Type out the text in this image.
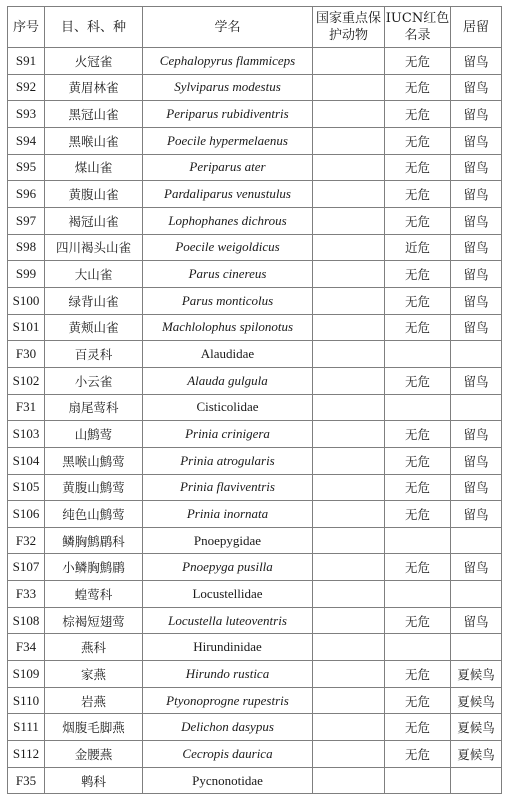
序号	目、科、种	学名	国家重点保护动物	IUCN红色名录	居留
S91	火冠雀	Cephalopyrus flammiceps		无危	留鸟
S92	黄眉林雀	Sylviparus modestus		无危	留鸟
S93	黑冠山雀	Periparus rubidiventris		无危	留鸟
S94	黑喉山雀	Poecile hypermelaenus		无危	留鸟
S95	煤山雀	Periparus ater		无危	留鸟
S96	黄腹山雀	Pardaliparus venustulus		无危	留鸟
S97	褐冠山雀	Lophophanes dichrous		无危	留鸟
S98	四川褐头山雀	Poecile weigoldicus		近危	留鸟
S99	大山雀	Parus cinereus		无危	留鸟
S100	绿背山雀	Parus monticolus		无危	留鸟
S101	黄颊山雀	Machlolophus spilonotus		无危	留鸟
F30	百灵科	Alaudidae			
S102	小云雀	Alauda gulgula		无危	留鸟
F31	扇尾莺科	Cisticolidae			
S103	山鹪莺	Prinia crinigera		无危	留鸟
S104	黑喉山鹪莺	Prinia atrogularis		无危	留鸟
S105	黄腹山鹪莺	Prinia flaviventris		无危	留鸟
S106	纯色山鹪莺	Prinia inornata		无危	留鸟
F32	鳞胸鹪鹛科	Pnoepygidae			
S107	小鳞胸鹪鹛	Pnoepyga pusilla		无危	留鸟
F33	蝗莺科	Locustellidae			
S108	棕褐短翅莺	Locustella luteoventris		无危	留鸟
F34	燕科	Hirundinidae			
S109	家燕	Hirundo rustica		无危	夏候鸟
S110	岩燕	Ptyonoprogne rupestris		无危	夏候鸟
S111	烟腹毛脚燕	Delichon dasypus		无危	夏候鸟
S112	金腰燕	Cecropis daurica		无危	夏候鸟
F35	鹎科	Pycnonotidae			
